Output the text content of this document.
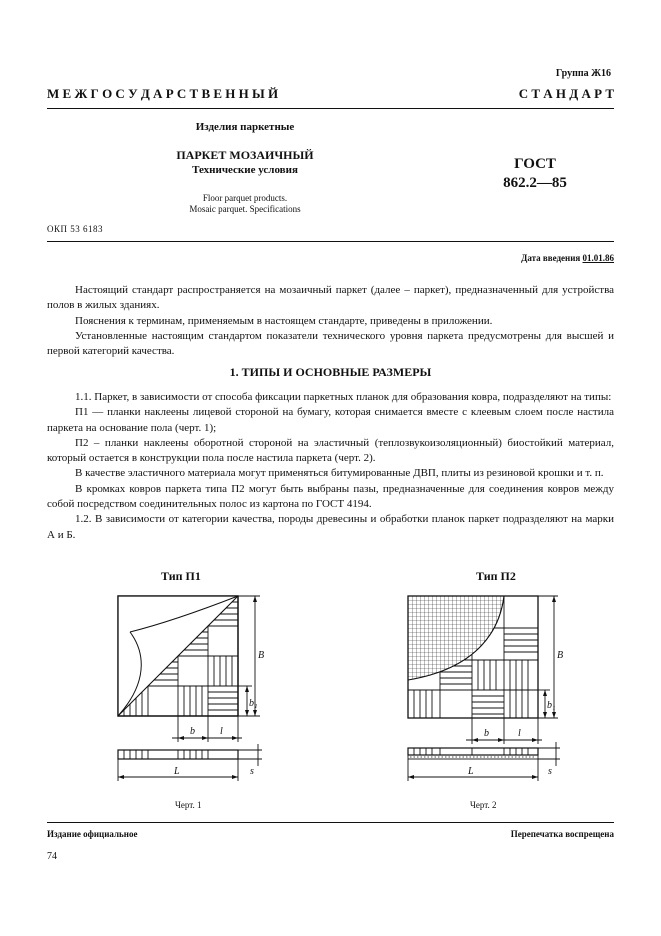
Группа Ж16
М Е Ж Г О С У Д А Р С Т В Е Н Н Ы Й	С Т А Н Д А Р Т
Изделия паркетные
ПАРКЕТ МОЗАИЧНЫЙ
Технические условия
Floor parquet products.
Mosaic parquet. Specifications
ГОСТ
862.2—85
ОКП 53 6183
Дата введения 01.01.86

Настоящий стандарт распространяется на мозаичный паркет (далее – паркет), предназначенный для устройства полов в жилых зданиях.

Пояснения к терминам, применяемым в настоящем стандарте, приведены в приложении.

Установленные настоящим стандартом показатели технического уровня паркета предусмотрены для высшей и первой категорий качества.

1. ТИПЫ И ОСНОВНЫЕ РАЗМЕРЫ

1.1. Паркет, в зависимости от способа фиксации паркетных планок для образования ковра, подразделяют на типы:

П1 — планки наклеены лицевой стороной на бумагу, которая снимается вместе с клеевым слоем после настила паркета на основание пола (черт. 1);

П2 – планки наклеены оборотной стороной на эластичный (теплозвукоизоляционный) биостойкий материал, который остается в конструкции пола после настила паркета (черт. 2).

В качестве эластичного материала могут применяться битумированные ДВП, плиты из резиновой крошки и т. п.

В кромках ковров паркета типа П2 могут быть выбраны пазы, предназначенные для соединения ковров между собой посредством соединительных полос из картона по ГОСТ 4194.

1.2. В зависимости от категории качества, породы древесины и обработки планок паркет подразделяют на марки А и Б.

Тип П1	Тип П2
B
b₁
b	l
L	s
B
b₁
b	l
L	s
Черт. 1	Черт. 2
Издание официальное	Перепечатка воспрещена
74
